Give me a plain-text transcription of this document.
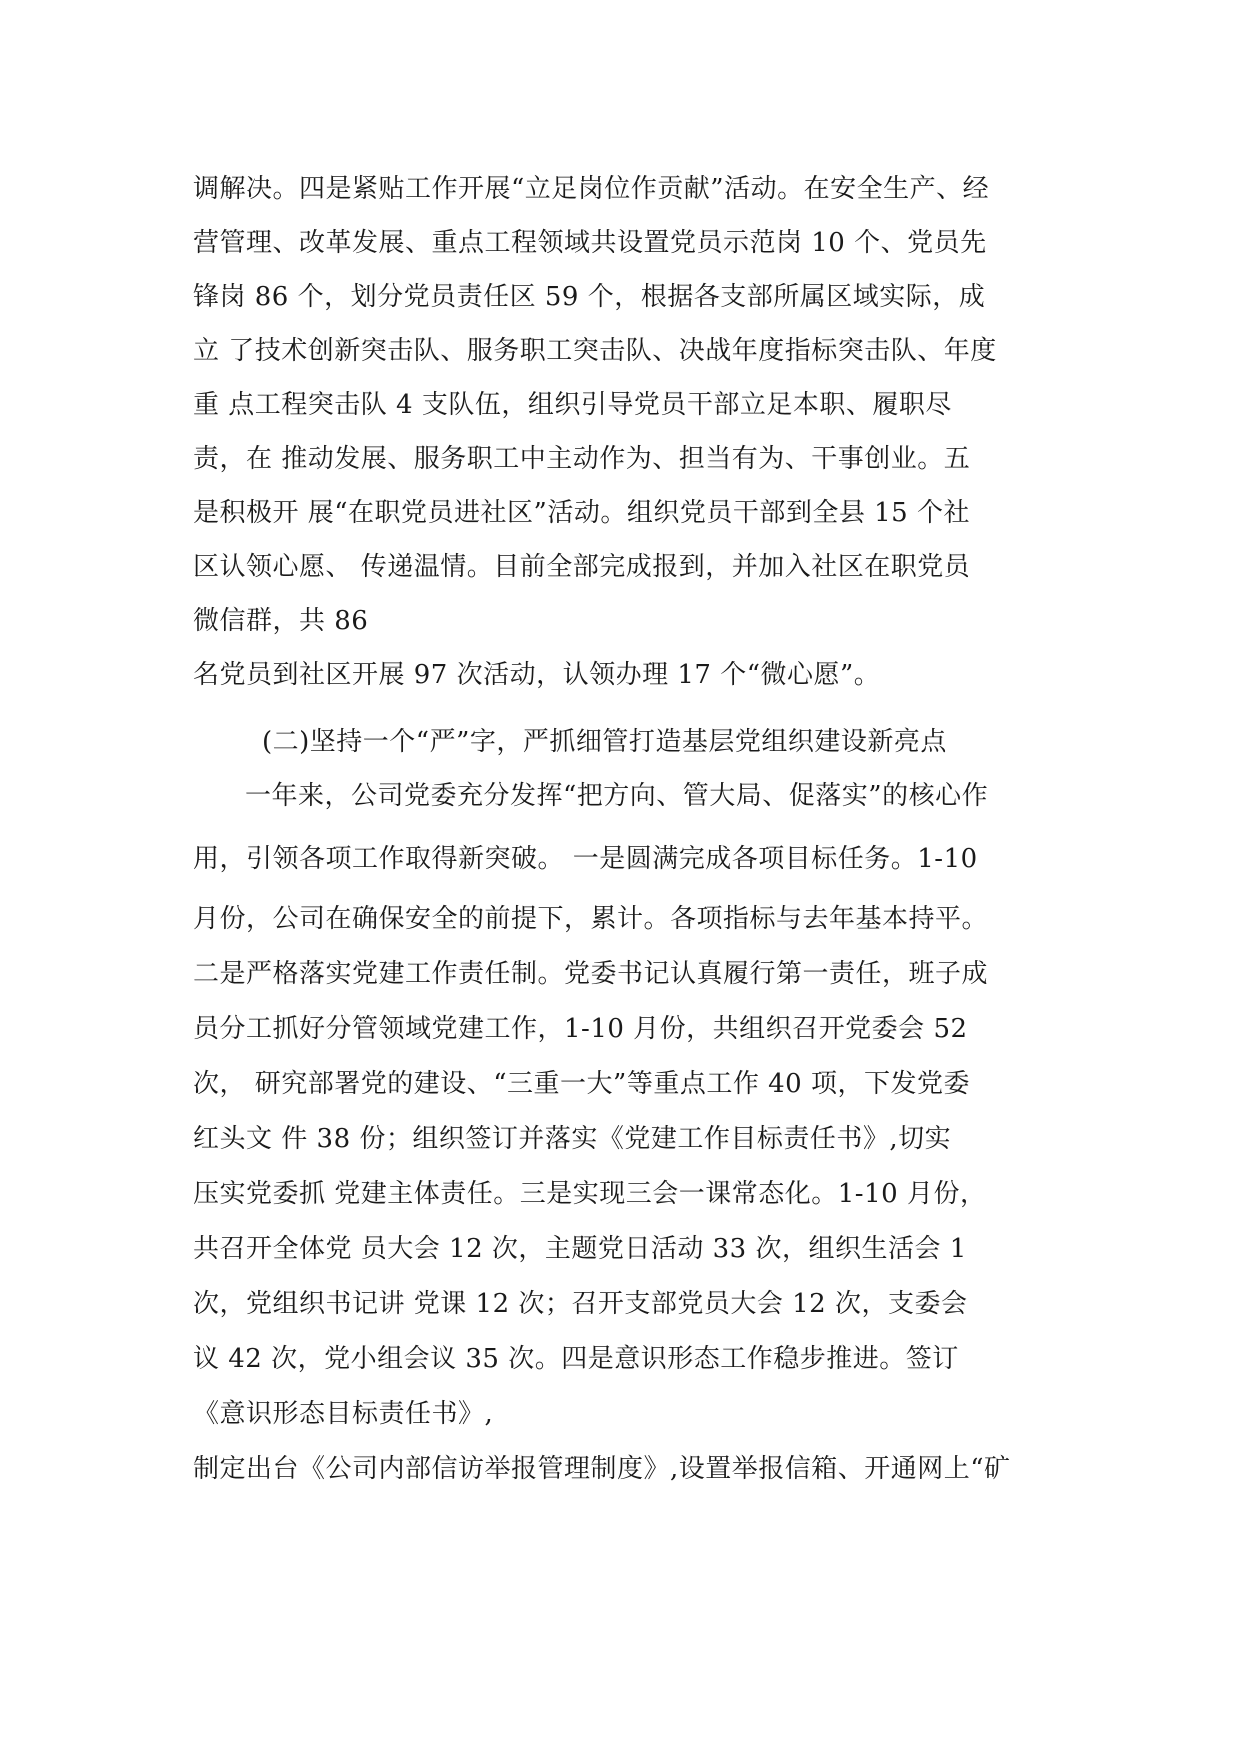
调解决。四是紧贴工作开展“立足岗位作贡献”活动。在安全生产、经
营管理、改革发展、重点工程领域共设置党员示范岗 10 个、党员先
锋岗 86 个，划分党员责任区 59 个，根据各支部所属区域实际，成
立 了技术创新突击队、服务职工突击队、决战年度指标突击队、年度
重 点工程突击队 4 支队伍，组织引导党员干部立足本职、履职尽
责，在 推动发展、服务职工中主动作为、担当有为、干事创业。五
是积极开 展“在职党员进社区”活动。组织党员干部到全县 15 个社
区认领心愿、 传递温情。目前全部完成报到，并加入社区在职党员
微信群，共 86
名党员到社区开展 97 次活动，认领办理 17 个“微心愿”。
(二)坚持一个“严”字，严抓细管打造基层党组织建设新亮点
一年来，公司党委充分发挥“把方向、管大局、促落实”的核心作
用，引领各项工作取得新突破。 一是圆满完成各项目标任务。1-10
月份，公司在确保安全的前提下，累计。各项指标与去年基本持平。
二是严格落实党建工作责任制。党委书记认真履行第一责任，班子成
员分工抓好分管领域党建工作，1-10 月份，共组织召开党委会 52
次， 研究部署党的建设、“三重一大”等重点工作 40 项，下发党委
红头文 件 38 份；组织签订并落实《党建工作目标责任书》,切实
压实党委抓 党建主体责任。三是实现三会一课常态化。1-10 月份，
共召开全体党 员大会 12 次，主题党日活动 33 次，组织生活会 1
次，党组织书记讲 党课 12 次；召开支部党员大会 12 次，支委会
议 42 次，党小组会议 35 次。四是意识形态工作稳步推进。签订
《意识形态目标责任书》,
制定出台《公司内部信访举报管理制度》,设置举报信箱、开通网上“矿
